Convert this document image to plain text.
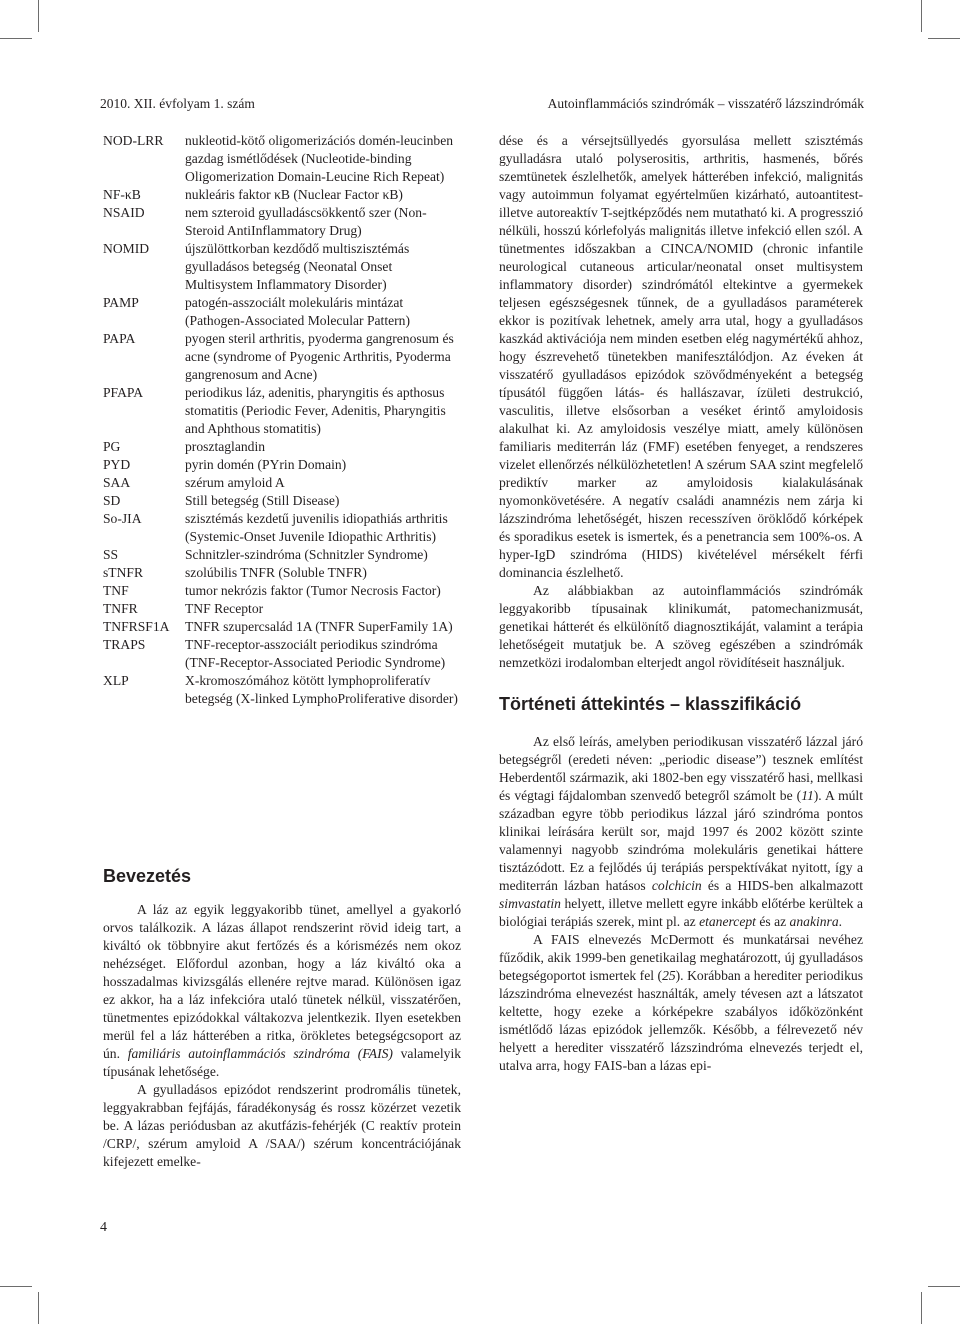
2010. XII. évfolyam 1. szám	Autoinflammációs szindrómák – visszatérő lázszindrómák
NOD-LRR	nukleotid-kötő oligomerizációs domén-leucinben gazdag ismétlődések (Nucleotide-binding Oligomerization Domain-Leucine Rich Repeat)
NF-κB	nukleáris faktor κB (Nuclear Factor κB)
NSAID	nem szteroid gyulladáscsökkentő szer (Non-Steroid AntiInflammatory Drug)
NOMID	újszülöttkorban kezdődő multiszisztémás gyulladásos betegség (Neonatal Onset Multisystem Inflammatory Disorder)
PAMP	patogén-asszociált molekuláris mintázat (Pathogen-Associated Molecular Pattern)
PAPA	pyogen steril arthritis, pyoderma gangrenosum és acne (syndrome of Pyogenic Arthritis, Pyoderma gangrenosum and Acne)
PFAPA	periodikus láz, adenitis, pharyngitis és apthosus stomatitis (Periodic Fever, Adenitis, Pharyngitis and Aphthous stomatitis)
PG	prosztaglandin
PYD	pyrin domén (PYrin Domain)
SAA	szérum amyloid A
SD	Still betegség (Still Disease)
So-JIA	szisztémás kezdetű juvenilis idiopathiás arthritis (Systemic-Onset Juvenile Idiopathic Arthritis)
SS	Schnitzler-szindróma (Schnitzler Syndrome)
sTNFR	szolúbilis TNFR (Soluble TNFR)
TNF	tumor nekrózis faktor (Tumor Necrosis Factor)
TNFR	TNF Receptor
TNFRSF1A	TNFR szupercsalád 1A (TNFR SuperFamily 1A)
TRAPS	TNF-receptor-asszociált periodikus szindróma (TNF-Receptor-Associated Periodic Syndrome)
XLP	X-kromoszómához kötött lymphoproliferatív betegség (X-linked LymphoProliferative disorder)
Bevezetés

A láz az egyik leggyakoribb tünet, amellyel a gyakorló orvos találkozik. A lázas állapot rendszerint rövid ideig tart, a kiváltó ok többnyire akut fertőzés és a kórismézés nem okoz nehézséget. Előfordul azonban, hogy a láz kiváltó oka a hosszadalmas kivizsgálás ellenére rejtve marad. Különösen igaz ez akkor, ha a láz infekcióra utaló tünetek nélkül, visszatérően, tünetmentes epizódokkal váltakozva jelentkezik. Ilyen esetekben merül fel a láz hátterében a ritka, örökletes betegségcsoport az ún. familiáris autoinflammációs szindróma (FAIS) valamelyik típusának lehetősége.

A gyulladásos epizódot rendszerint prodromális tünetek, leggyakrabban fejfájás, fáradékonyság és rossz közérzet vezetik be. A lázas periódusban az akutfázis-fehérjék (C reaktív protein /CRP/, szérum amyloid A /SAA/) szérum koncentrációjának kifejezett emelke-

dése és a vérsejtsüllyedés gyorsulása mellett szisztémás gyulladásra utaló polyserositis, arthritis, hasmenés, bőrés szemtünetek észlelhetők, amelyek hátterében infekció, malignitás vagy autoimmun folyamat egyértelműen kizárható, autoantitest- illetve autoreaktív T-sejtképződés nem mutatható ki. A progresszió nélküli, hosszú kórlefolyás malignitás illetve infekció ellen szól. A tünetmentes időszakban a CINCA/NOMID (chronic infantile neurological cutaneous articular/neonatal onset multisystem inflammatory disorder) szindrómától eltekintve a gyermekek teljesen egészségesnek tűnnek, de a gyulladásos paraméterek ekkor is pozitívak lehetnek, amely arra utal, hogy a gyulladásos kaszkád aktivációja nem minden esetben elég nagymértékű ahhoz, hogy észrevehető tünetekben manifesztálódjon. Az éveken át visszatérő gyulladásos epizódok szövődményeként a betegség típusától függően látás- és hallászavar, ízületi destrukció, vasculitis, illetve elsősorban a veséket érintő amyloidosis alakulhat ki. Az amyloidosis veszélye miatt, amely különösen familiaris mediterrán láz (FMF) esetében fenyeget, a rendszeres vizelet ellenőrzés nélkülözhetetlen! A szérum SAA szint megfelelő prediktív marker az amyloidosis kialakulásának nyomonkövetésére. A negatív családi anamnézis nem zárja ki lázszindróma lehetőségét, hiszen recesszíven öröklődő kórképek és sporadikus esetek is ismertek, és a penetrancia sem 100%-os. A hyper-IgD szindróma (HIDS) kivételével mérsékelt férfi dominancia észlelhető.

Az alábbiakban az autoinflammációs szindrómák leggyakoribb típusainak klinikumát, patomechanizmusát, genetikai hátterét és elkülönítő diagnosztikáját, valamint a terápia lehetőségeit mutatjuk be. A szöveg egészében a szindrómák nemzetközi irodalomban elterjedt angol rövidítéseit használjuk.

Történeti áttekintés – klasszifikáció

Az első leírás, amelyben periodikusan visszatérő lázzal járó betegségről (eredeti néven: „periodic disease”) tesznek említést Heberdentől származik, aki 1802-ben egy visszatérő hasi, mellkasi és végtagi fájdalomban szenvedő betegről számolt be (11). A múlt században egyre több periodikus lázzal járó szindróma pontos klinikai leírására került sor, majd 1997 és 2002 között szinte valamennyi nagyobb szindróma molekuláris genetikai háttere tisztázódott. Ez a fejlődés új terápiás perspektívákat nyitott, így a mediterrán lázban hatásos colchicin és a HIDS-ben alkalmazott simvastatin helyett, illetve mellett egyre inkább előtérbe kerültek a biológiai terápiás szerek, mint pl. az etanercept és az anakinra.

A FAIS elnevezés McDermott és munkatársai nevéhez fűződik, akik 1999-ben genetikailag meghatározott, új gyulladásos betegségoportot ismertek fel (25). Korábban a herediter periodikus lázszindróma elnevezést használták, amely tévesen azt a látszatot keltette, hogy ezeke a kórképekre szabályos időközönként ismétlődő lázas epizódok jellemzők. Később, a félrevezető név helyett a herediter visszatérő lázszindróma elnevezés terjedt el, utalva arra, hogy FAIS-ban a lázas epi-

4
